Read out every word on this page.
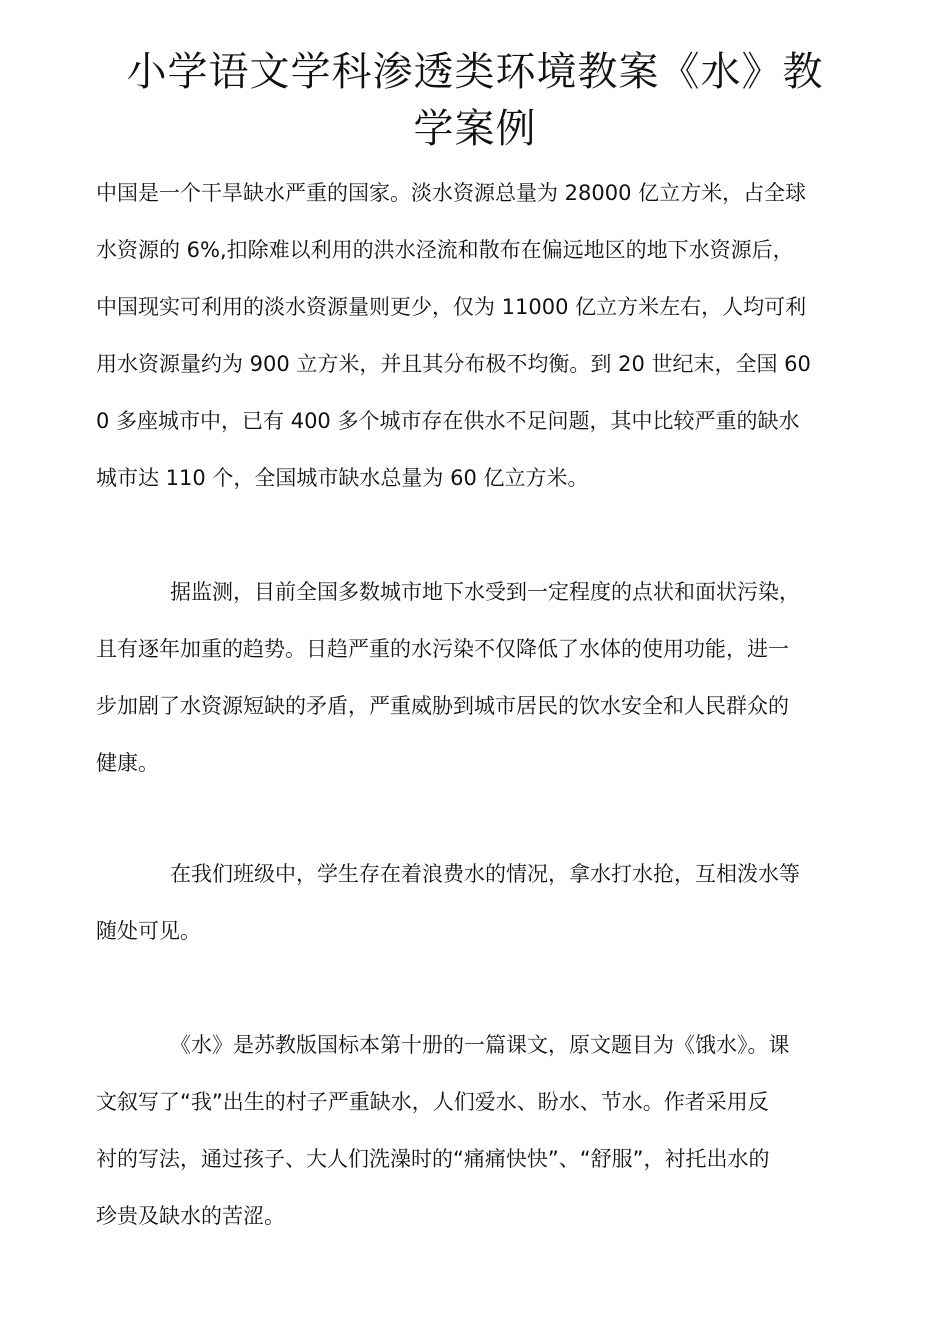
小学语文学科渗透类环境教案《水》教
学案例

中国是一个干旱缺水严重的国家。淡水资源总量为 28000 亿立方米，占全球
水资源的 6%,扣除难以利用的洪水泾流和散布在偏远地区的地下水资源后，
中国现实可利用的淡水资源量则更少，仅为 11000 亿立方米左右，人均可利
用水资源量约为 900 立方米，并且其分布极不均衡。到 20 世纪末，全国 60
0 多座城市中，已有 400 多个城市存在供水不足问题，其中比较严重的缺水
城市达 110 个，全国城市缺水总量为 60 亿立方米。

据监测，目前全国多数城市地下水受到一定程度的点状和面状污染，
且有逐年加重的趋势。日趋严重的水污染不仅降低了水体的使用功能，进一
步加剧了水资源短缺的矛盾，严重威胁到城市居民的饮水安全和人民群众的
健康。

在我们班级中，学生存在着浪费水的情况，拿水打水抢，互相泼水等
随处可见。

《水》是苏教版国标本第十册的一篇课文，原文题目为《饿水》。课
文叙写了“我”出生的村子严重缺水，人们爱水、盼水、节水。作者采用反
衬的写法，通过孩子、大人们洗澡时的“痛痛快快”、“舒服”，衬托出水的
珍贵及缺水的苦涩。
